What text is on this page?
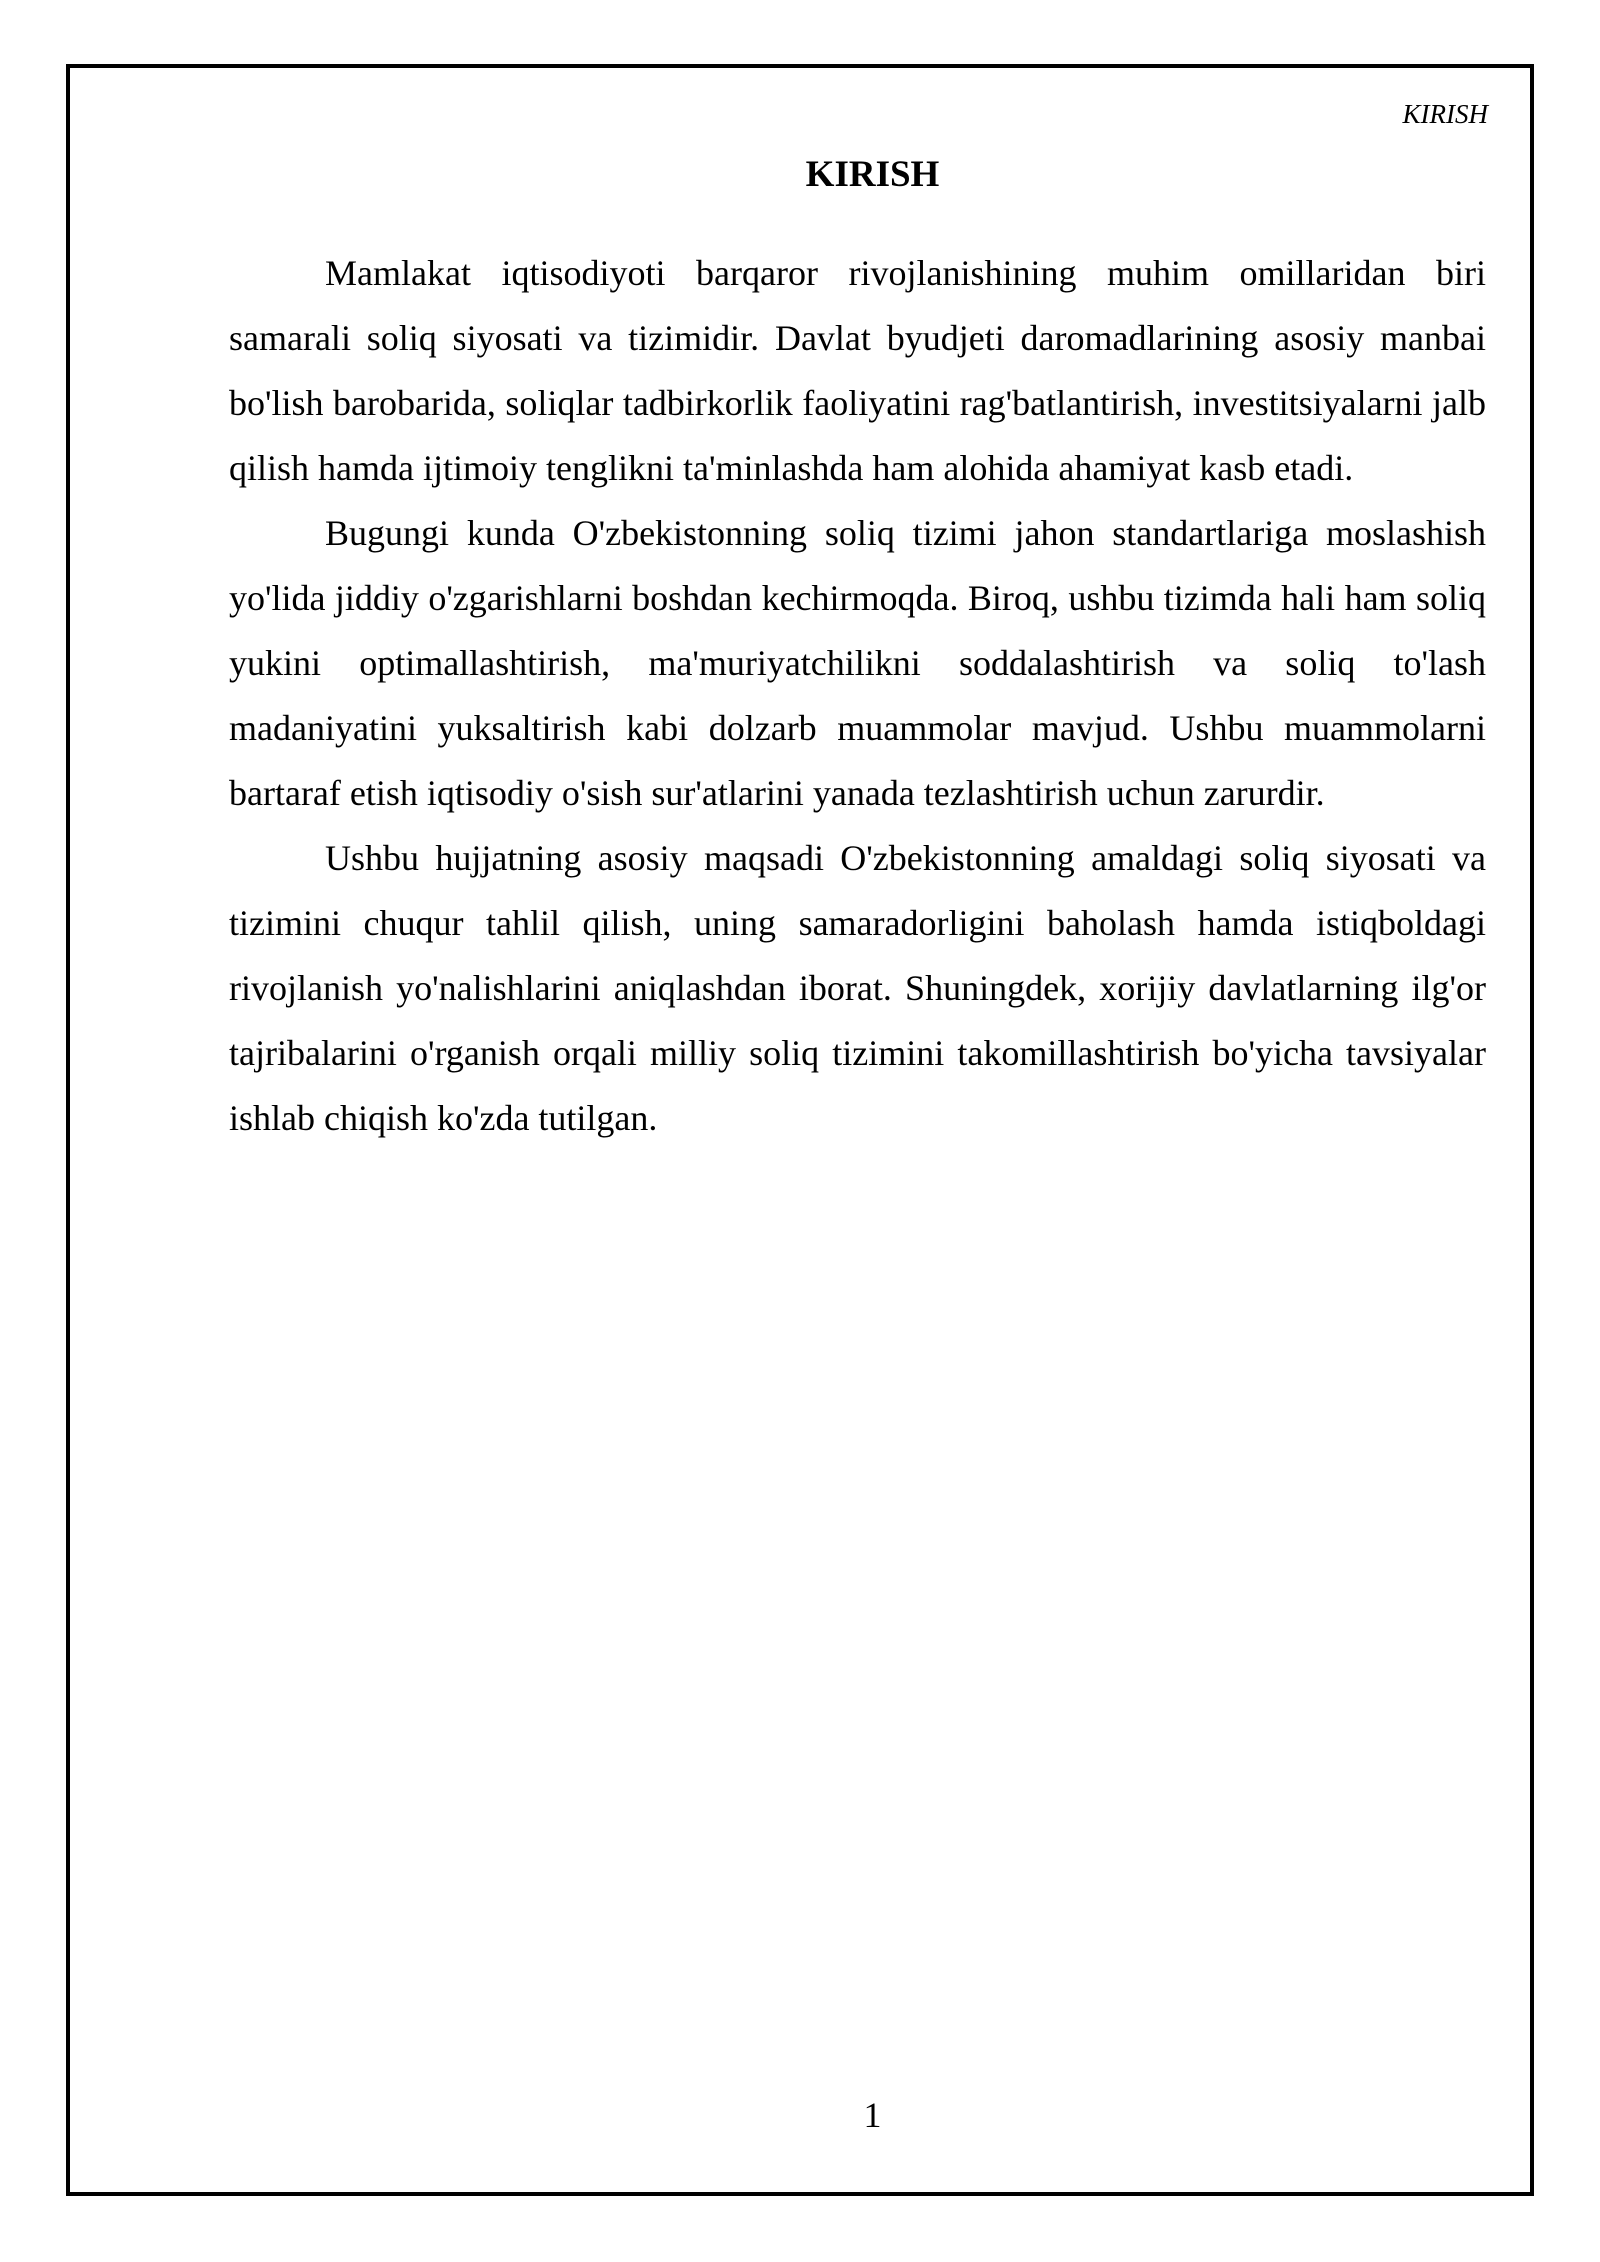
KIRISH
KIRISH

Mamlakat iqtisodiyoti barqaror rivojlanishining muhim omillaridan biri samarali soliq siyosati va tizimidir. Davlat byudjeti daromadlarining asosiy manbai bo'lish barobarida, soliqlar tadbirkorlik faoliyatini rag'batlantirish, investitsiyalarni jalb qilish hamda ijtimoiy tenglikni ta'minlashda ham alohida ahamiyat kasb etadi.

Bugungi kunda O'zbekistonning soliq tizimi jahon standartlariga moslashish yo'lida jiddiy o'zgarishlarni boshdan kechirmoqda. Biroq, ushbu tizimda hali ham soliq yukini optimallashtirish, ma'muriyatchilikni soddalashtirish va soliq to'lash madaniyatini yuksaltirish kabi dolzarb muammolar mavjud. Ushbu muammolarni bartaraf etish iqtisodiy o'sish sur'atlarini yanada tezlashtirish uchun zarurdir.

Ushbu hujjatning asosiy maqsadi O'zbekistonning amaldagi soliq siyosati va tizimini chuqur tahlil qilish, uning samaradorligini baholash hamda istiqboldagi rivojlanish yo'nalishlarini aniqlashdan iborat. Shuningdek, xorijiy davlatlarning ilg'or tajribalarini o'rganish orqali milliy soliq tizimini takomillashtirish bo'yicha tavsiyalar ishlab chiqish ko'zda tutilgan.

1
